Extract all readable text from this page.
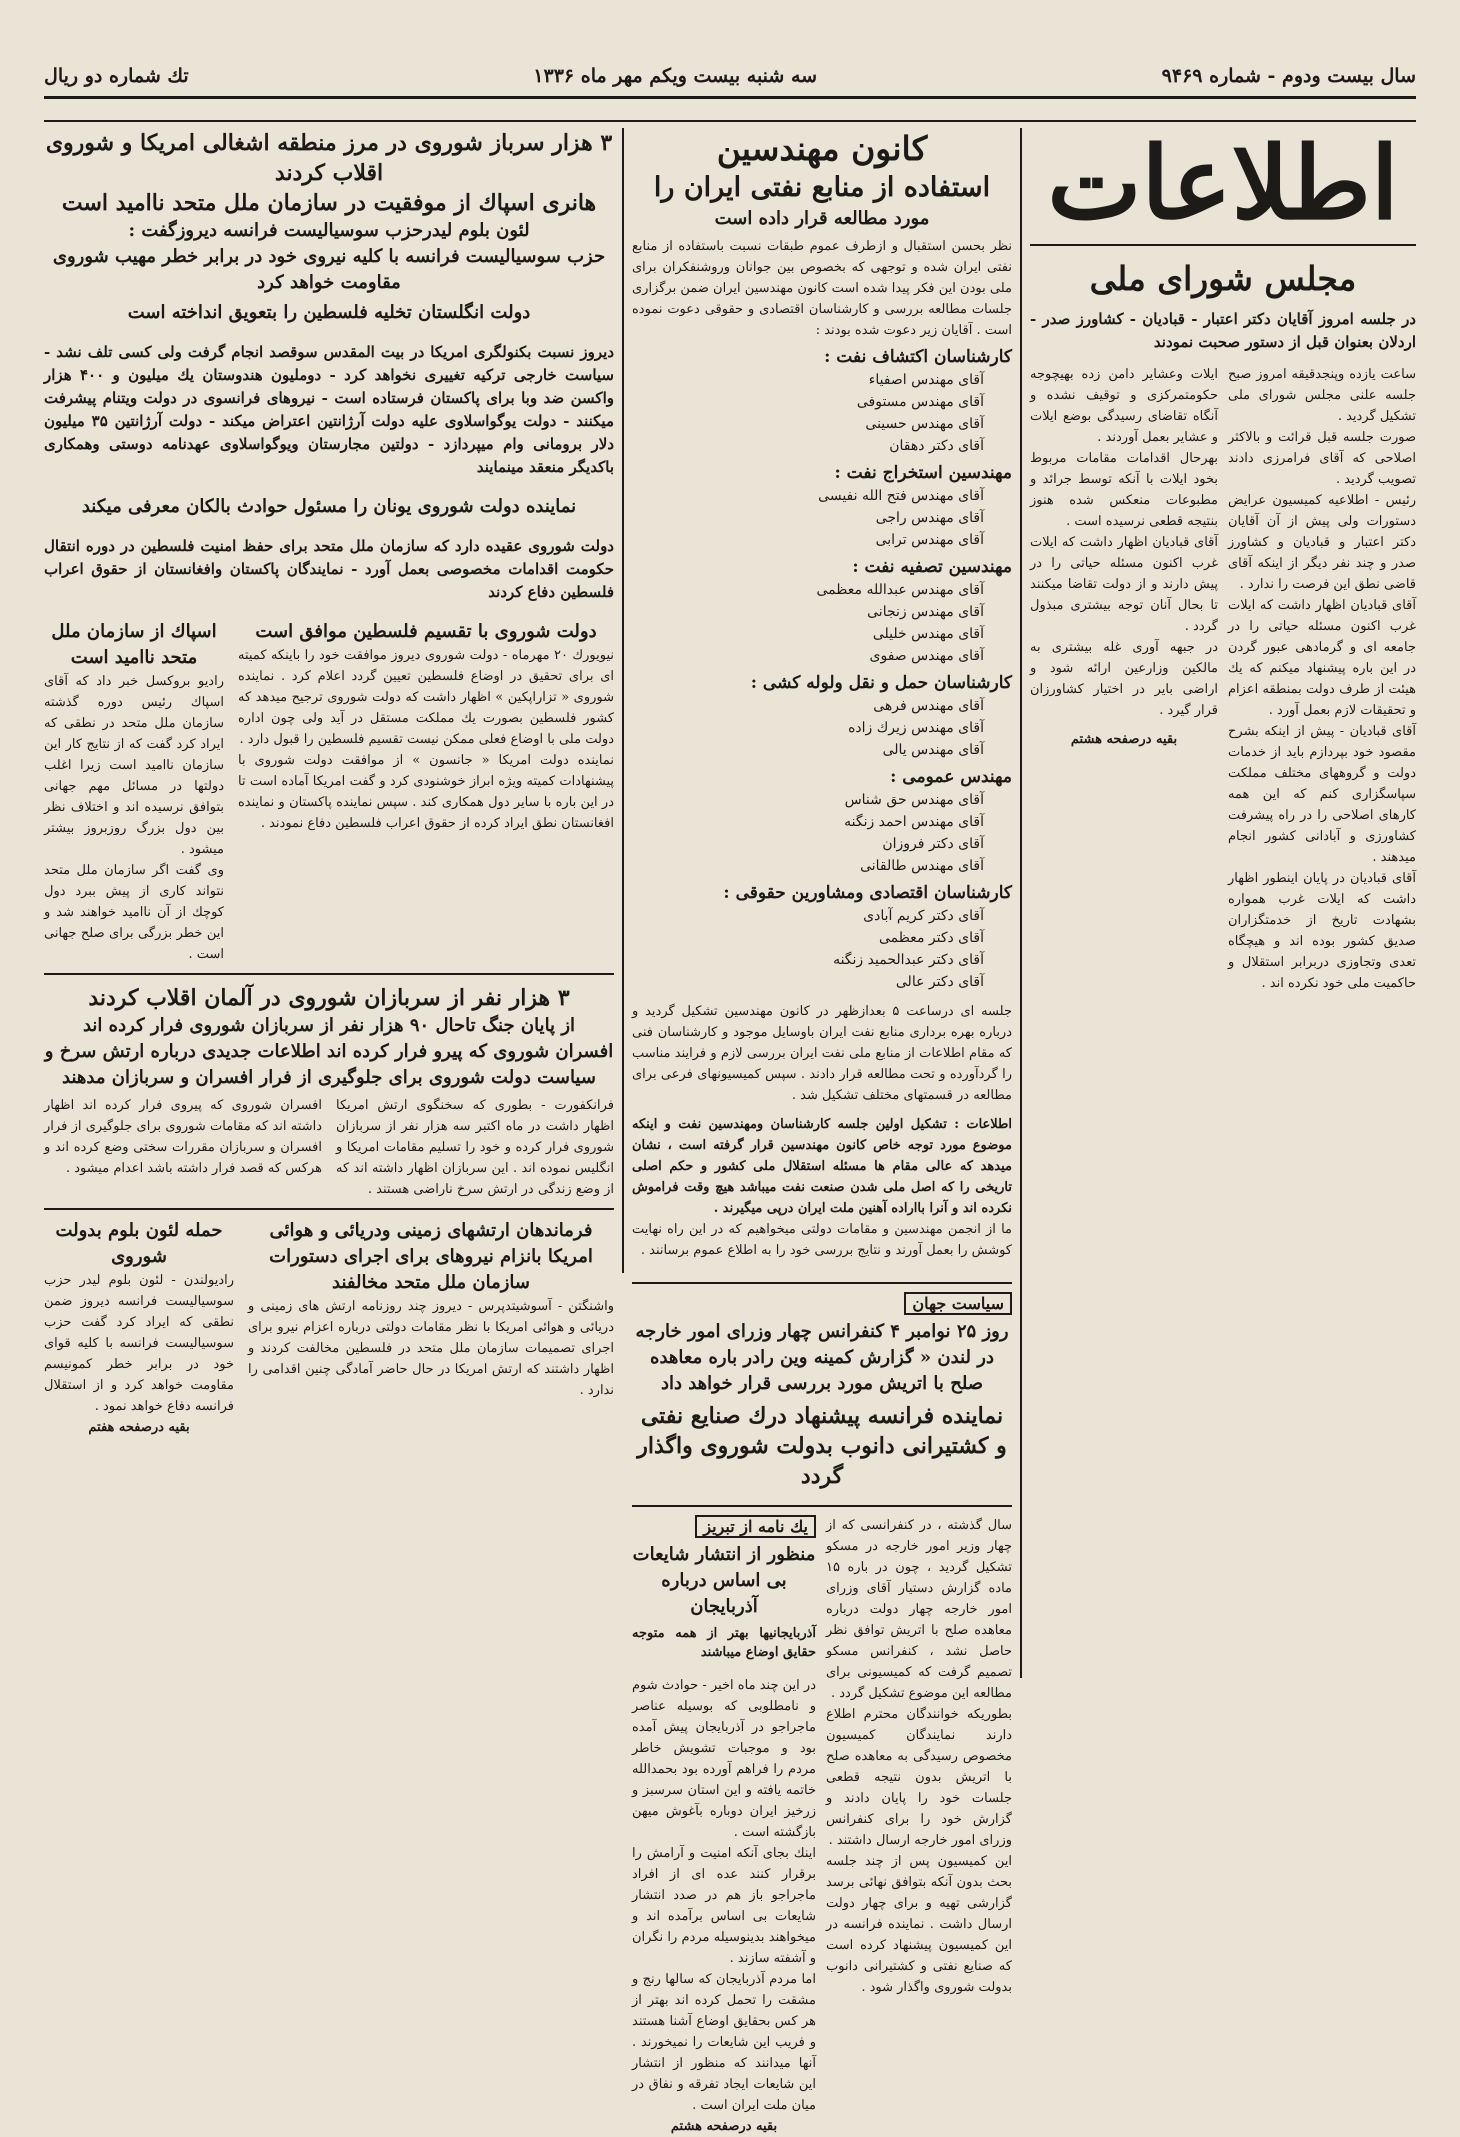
سال بيست ودوم - شماره ۹۴۶۹
سه شنبه بيست ويكم مهر ماه ۱۳۳۶
تك شماره دو ريال
اطلاعات
مجلس شوراى ملى
در جلسه امروز آقايان دكتر اعتبار - قباديان - كشاورز صدر - اردلان بعنوان قبل از دستور صحبت نمودند

ساعت يازده وپنجدقيقه امروز صبح جلسه علنى مجلس شوراى ملى تشكيل گرديد .

صورت جلسه قبل قرائت و بالاكثر اصلاحى كه آقاى فرامرزى دادند تصويب گرديد .

رئيس - اطلاعيه كميسيون عرايض دستورات ولى پيش از آن آقايان دكتر اعتبار و قباديان و كشاورز صدر و چند نفر ديگر از اينكه آقاى قاضى نطق اين فرصت را ندارد .

آقاى قباديان اظهار داشت كه ايلات غرب اكنون مسئله حياتى را در جامعه اى و گرمادهى عبور گردن در اين باره پيشنهاد ميكنم كه يك هيئت از طرف دولت بمنطقه اعزام و تحقيقات لازم بعمل آورد .

آقاى قباديان - پيش از اينكه بشرح مقصود خود بپردازم بايد از خدمات دولت و گروههاى مختلف مملكت سپاسگزارى كنم كه اين همه كارهاى اصلاحى را در راه پيشرفت كشاورزى و آبادانى كشور انجام ميدهند .

آقاى قباديان در پايان اينطور اظهار داشت كه ايلات غرب همواره بشهادت تاريخ از خدمتگزاران صديق كشور بوده اند و هيچگاه تعدى وتجاوزى دربرابر استقلال و حاكميت ملى خود نكرده اند .

ايلات وعشاير دامن زده بهيچوجه حكومتمركزى و توقيف نشده و آنگاه تقاضاى رسيدگى بوضع ايلات و عشاير بعمل آوردند .

بهرحال اقدامات مقامات مربوط بخود ايلات با آنكه توسط جرائد و مطبوعات منعكس شده هنوز بنتيجه قطعى نرسيده است .

آقاى قباديان اظهار داشت كه ايلات غرب اكنون مسئله حياتى را در پيش دارند و از دولت تقاضا ميكنند تا بحال آنان توجه بيشترى مبذول گردد .

در جبهه آورى غله بيشترى به مالكين وزارعين ارائه شود و اراضى باير در اختيار كشاورزان قرار گيرد .

بقيه درصفحه هشتم

كانون مهندسين
استفاده از منابع نفتى ايران را
مورد مطالعه قرار داده است

نظر بحسن استقبال و ازطرف عموم طبقات نسبت باستفاده از منابع نفتى ايران شده و توجهى كه بخصوص بين جوانان وروشنفكران براى ملى بودن اين فكر پيدا شده است كانون مهندسين ايران ضمن برگزارى جلسات مطالعه بررسى و كارشناسان اقتصادى و حقوقى دعوت نموده است . آقايان زير دعوت شده بودند :

كارشناسان اكتشاف نفت :
آقاى مهندس اصفياء
آقاى مهندس مستوفى
آقاى مهندس حسينى
آقاى دكتر دهقان
مهندسين استخراج نفت :
آقاى مهندس فتح الله نفيسى
آقاى مهندس راجى
آقاى مهندس ترابى
مهندسين تصفيه نفت :
آقاى مهندس عبدالله معظمى
آقاى مهندس زنجانى
آقاى مهندس خليلى
آقاى مهندس صفوى
كارشناسان حمل و نقل ولوله كشى :
آقاى مهندس فرهى
آقاى مهندس زيرك زاده
آقاى مهندس يالى
مهندس عمومى :
آقاى مهندس حق شناس
آقاى مهندس احمد زنگنه
آقاى دكتر فروزان
آقاى مهندس طالقانى
كارشناسان اقتصادى ومشاورين حقوقى :
آقاى دكتر كريم آبادى
آقاى دكتر معظمى
آقاى دكتر عبدالحميد زنگنه
آقاى دكتر عالى

جلسه اى درساعت ۵ بعدازظهر در كانون مهندسين تشكيل گرديد و درباره بهره بردارى منابع نفت ايران باوسايل موجود و كارشناسان فنى كه مقام اطلاعات از منابع ملى نفت ايران بررسى لازم و فرايند مناسب را گردآورده و تحت مطالعه قرار دادند . سپس كميسيونهاى فرعى براى مطالعه در قسمتهاى مختلف تشكيل شد .

اطلاعات : تشكيل اولين جلسه كارشناسان ومهندسين نفت و اينكه موضوع مورد توجه خاص كانون مهندسين قرار گرفته است ، نشان ميدهد كه عالى مقام ها مسئله استقلال ملى كشور و حكم اصلى تاريخى را كه اصل ملى شدن صنعت نفت ميباشد هيچ وقت فراموش نكرده اند و آنرا بااراده آهنين ملت ايران درپى ميگيرند .

ما از انجمن مهندسين و مقامات دولتى ميخواهيم كه در اين راه نهايت كوشش را بعمل آورند و نتايج بررسى خود را به اطلاع عموم برسانند .

سياست جهان
روز ۲۵ نوامبر ۴ كنفرانس چهار وزراى امور خارجه در لندن « گزارش كمينه وين رادر باره معاهده صلح با اتريش مورد بررسى قرار خواهد داد
نماينده فرانسه پيشنهاد درك صنايع نفتى و كشتيرانى دانوب بدولت شوروى واگذار گردد

سال گذشته ، در كنفرانسى كه از چهار وزير امور خارجه در مسكو تشكيل گرديد ، چون در باره ۱۵ ماده گزارش دستيار آقاى وزراى امور خارجه چهار دولت درباره معاهده صلح با اتريش توافق نظر حاصل نشد ، كنفرانس مسكو تصميم گرفت كه كميسيونى براى مطالعه اين موضوع تشكيل گردد .

بطوريكه خوانندگان محترم اطلاع دارند نمايندگان كميسيون مخصوص رسيدگى به معاهده صلح با اتريش بدون نتيجه قطعى جلسات خود را پايان دادند و گزارش خود را براى كنفرانس وزراى امور خارجه ارسال داشتند .

اين كميسيون پس از چند جلسه بحث بدون آنكه بتوافق نهائى برسد گزارشى تهيه و براى چهار دولت ارسال داشت . نماينده فرانسه در اين كميسيون پيشنهاد كرده است كه صنايع نفتى و كشتيرانى دانوب بدولت شوروى واگذار شود .

يك نامه از تبريز
منظور از انتشار شايعات بى اساس درباره آذربايجان

آذربايجانيها بهتر از همه متوجه حقايق اوضاع ميباشند

در اين چند ماه اخير - حوادث شوم و نامطلوبى كه بوسيله عناصر ماجراجو در آذربايجان پيش آمده بود و موجبات تشويش خاطر مردم را فراهم آورده بود بحمدالله خاتمه يافته و اين استان سرسبز و زرخيز ايران دوباره بآغوش ميهن بازگشته است .

اينك بجاى آنكه امنيت و آرامش را برقرار كنند عده اى از افراد ماجراجو باز هم در صدد انتشار شايعات بى اساس برآمده اند و ميخواهند بدينوسيله مردم را نگران و آشفته سازند .

اما مردم آذربايجان كه سالها رنج و مشقت را تحمل كرده اند بهتر از هر كس بحقايق اوضاع آشنا هستند و فريب اين شايعات را نميخورند . آنها ميدانند كه منظور از انتشار اين شايعات ايجاد تفرقه و نفاق در ميان ملت ايران است .

بقيه درصفحه هشتم

۳ هزار سرباز شوروى در مرز منطقه اشغالى امريكا و شوروى
اقلاب كردند
هانرى اسپاك از موفقيت در سازمان ملل متحد نااميد است
لئون بلوم ليدرحزب سوسياليست فرانسه ديروزگفت :
حزب سوسياليست فرانسه با كليه نيروى خود در برابر خطر مهيب شوروى مقاومت خواهد كرد
دولت انگلستان تخليه فلسطين را بتعويق انداخته است

ديروز نسبت بكنولگرى امريكا در بيت المقدس سوقصد انجام گرفت ولى كسى تلف نشد - سياست خارجى تركيه تغييرى نخواهد كرد - دومليون هندوستان يك ميليون و ۴۰۰ هزار واكسن ضد وبا براى پاكستان فرستاده است - نيروهاى فرانسوى در دولت ويتنام پيشرفت ميكنند - دولت يوگواسلاوى عليه دولت آرژانتين اعتراض ميكند - دولت آرژانتين ۳۵ ميليون دلار برومانى وام ميپردازد - دولتين مجارستان ويوگواسلاوى عهدنامه دوستى وهمكارى باكديگر منعقد مينمايند

نماينده دولت شوروى يونان را مسئول حوادث بالكان معرفى ميكند

دولت شوروى عقيده دارد كه سازمان ملل متحد براى حفظ امنيت فلسطين در دوره انتقال حكومت اقدامات مخصوصى بعمل آورد - نمايندگان پاكستان وافغانستان از حقوق اعراب فلسطين دفاع كردند

دولت شوروى با تقسيم فلسطين موافق است

نيويورك ۲۰ مهرماه - دولت شوروى ديروز موافقت خود را باينكه كميته اى براى تحقيق در اوضاع فلسطين تعيين گردد اعلام كرد . نماينده شوروى « تزاراپكين » اظهار داشت كه دولت شوروى ترجيح ميدهد كه كشور فلسطين بصورت يك مملكت مستقل در آيد ولى چون اداره دولت ملى با اوضاع فعلى ممكن نيست تقسيم فلسطين را قبول دارد .

نماينده دولت امريكا « جانسون » از موافقت دولت شوروى با پيشنهادات كميته ويژه ابراز خوشنودى كرد و گفت امريكا آماده است تا در اين باره با ساير دول همكارى كند . سپس نماينده پاكستان و نماينده افغانستان نطق ايراد كرده از حقوق اعراب فلسطين دفاع نمودند .

اسپاك از سازمان ملل متحد نااميد است

راديو بروكسل خبر داد كه آقاى اسپاك رئيس دوره گذشته سازمان ملل متحد در نطقى كه ايراد كرد گفت كه از نتايج كار اين سازمان نااميد است زيرا اغلب دولتها در مسائل مهم جهانى بتوافق نرسيده اند و اختلاف نظر بين دول بزرگ روزبروز بيشتر ميشود .

وى گفت اگر سازمان ملل متحد نتواند كارى از پيش ببرد دول كوچك از آن نااميد خواهند شد و اين خطر بزرگى براى صلح جهانى است .

۳ هزار نفر از سربازان شوروى در آلمان اقلاب كردند
از پايان جنگ تاحال ۹۰ هزار نفر از سربازان شوروى فرار كرده اند
افسران شوروى كه پيرو فرار كرده اند اطلاعات جديدى درباره ارتش سرخ و سياست دولت شوروى براى جلوگيرى از فرار افسران و سربازان مدهند

فرانكفورت - بطورى كه سخنگوى ارتش امريكا اظهار داشت در ماه اكتبر سه هزار نفر از سربازان شوروى فرار كرده و خود را تسليم مقامات امريكا و انگليس نموده اند . اين سربازان اظهار داشته اند كه از وضع زندگى در ارتش سرخ ناراضى هستند .

افسران شوروى كه پيروى فرار كرده اند اظهار داشته اند كه مقامات شوروى براى جلوگيرى از فرار افسران و سربازان مقررات سختى وضع كرده اند و هركس كه قصد فرار داشته باشد اعدام ميشود .

فرماندهان ارتشهاى زمينى ودريائى و هوائى امريكا بانزام نيروهاى براى اجراى دستورات سازمان ملل متحد مخالفند

واشنگتن - آسوشيتدپرس - ديروز چند روزنامه ارتش هاى زمينى و دريائى و هوائى امريكا با نظر مقامات دولتى درباره اعزام نيرو براى اجراى تصميمات سازمان ملل متحد در فلسطين مخالفت كردند و اظهار داشتند كه ارتش امريكا در حال حاضر آمادگى چنين اقدامى را ندارد .

حمله لئون بلوم بدولت شوروى

راديولندن - لئون بلوم ليدر حزب سوسياليست فرانسه ديروز ضمن نطقى كه ايراد كرد گفت حزب سوسياليست فرانسه با كليه قواى خود در برابر خطر كمونيسم مقاومت خواهد كرد و از استقلال فرانسه دفاع خواهد نمود .

بقيه درصفحه هفتم
